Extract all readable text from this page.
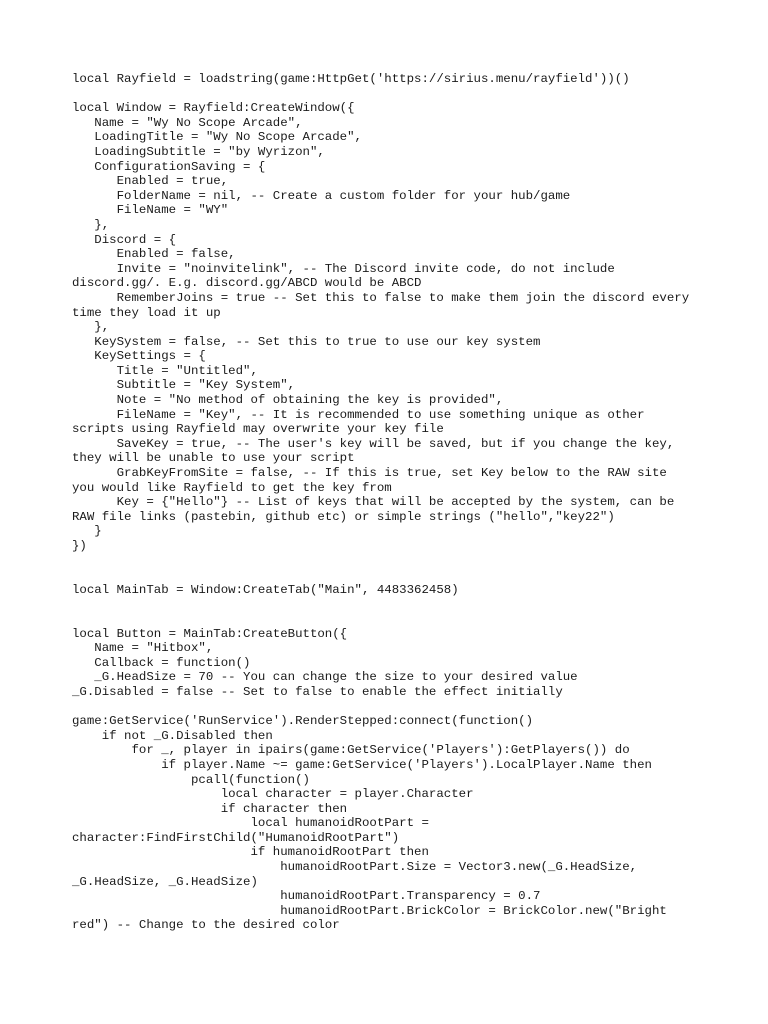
local Rayfield = loadstring(game:HttpGet('https://sirius.menu/rayfield'))()
local Window = Rayfield:CreateWindow({
Name = "Wy No Scope Arcade",
LoadingTitle = "Wy No Scope Arcade",
LoadingSubtitle = "by Wyrizon",
ConfigurationSaving = {
Enabled = true,
FolderName = nil, -- Create a custom folder for your hub/game
FileName = "WY"
},
Discord = {
Enabled = false,
Invite = "noinvitelink", -- The Discord invite code, do not include
discord.gg/. E.g. discord.gg/ABCD would be ABCD
RememberJoins = true -- Set this to false to make them join the discord every
time they load it up
},
KeySystem = false, -- Set this to true to use our key system
KeySettings = {
Title = "Untitled",
Subtitle = "Key System",
Note = "No method of obtaining the key is provided",
FileName = "Key", -- It is recommended to use something unique as other
scripts using Rayfield may overwrite your key file
SaveKey = true, -- The user's key will be saved, but if you change the key,
they will be unable to use your script
GrabKeyFromSite = false, -- If this is true, set Key below to the RAW site
you would like Rayfield to get the key from
Key = {"Hello"} -- List of keys that will be accepted by the system, can be
RAW file links (pastebin, github etc) or simple strings ("hello","key22")
}
})
local MainTab = Window:CreateTab("Main", 4483362458)
local Button = MainTab:CreateButton({
Name = "Hitbox",
Callback = function()
_G.HeadSize = 70 -- You can change the size to your desired value
_G.Disabled = false -- Set to false to enable the effect initially
game:GetService('RunService').RenderStepped:connect(function()
if not _G.Disabled then
for _, player in ipairs(game:GetService('Players'):GetPlayers()) do
if player.Name ~= game:GetService('Players').LocalPlayer.Name then
pcall(function()
local character = player.Character
if character then
local humanoidRootPart =
character:FindFirstChild("HumanoidRootPart")
if humanoidRootPart then
humanoidRootPart.Size = Vector3.new(_G.HeadSize,
_G.HeadSize, _G.HeadSize)
humanoidRootPart.Transparency = 0.7
humanoidRootPart.BrickColor = BrickColor.new("Bright
red") -- Change to the desired color
